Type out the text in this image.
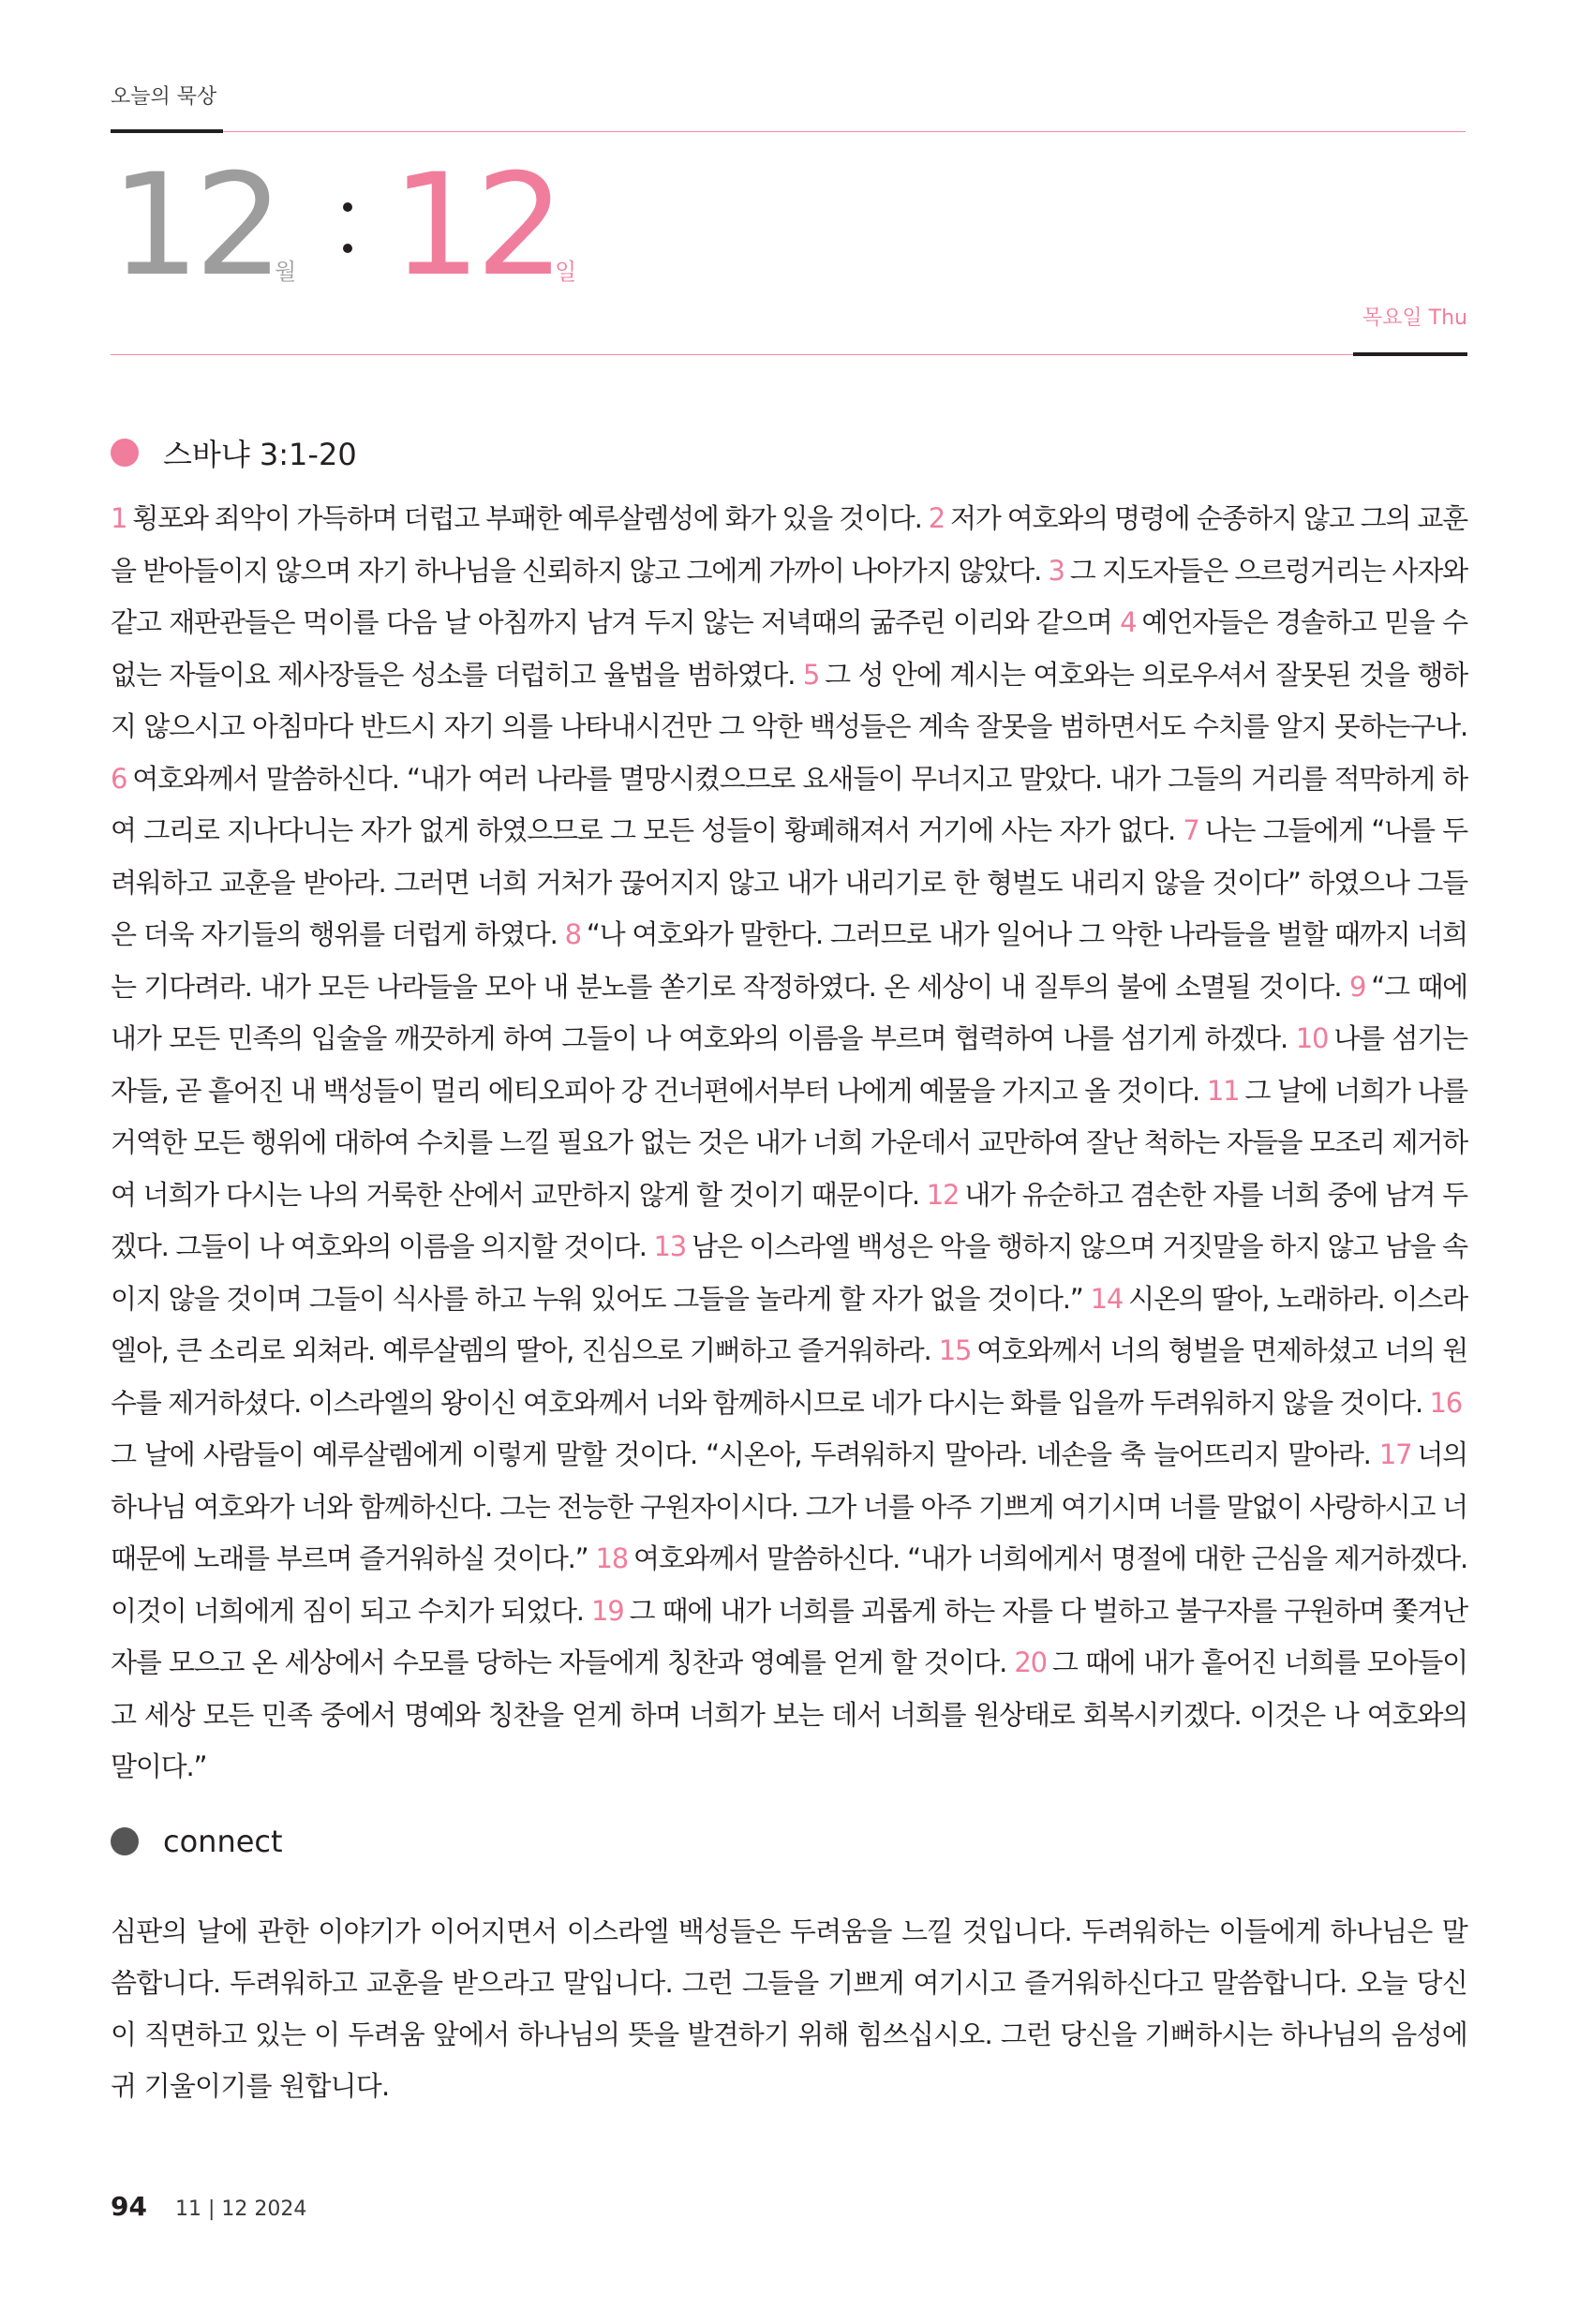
오늘의 묵상
12
월 12
일
목요일 Thu
스바냐 3:1-20
1 횡포와 죄악이 가득하며 더럽고 부패한 예루살렘성에 화가 있을 것이다. 2 저가 여호와의 명령에 순종하지 않고 그의 교훈을 받아들이지 않으며 자기 하나님을 신뢰하지 않고 그에게 가까이 나아가지 않았다. 3 그 지도자들은 으르렁거리는 사자와 같고 재판관들은 먹이를 다음 날 아침까지 남겨 두지 않는 저녁때의 굶주린 이리와 같으며 4 예언자들은 경솔하고 믿을 수 없는 자들이요 제사장들은 성소를 더럽히고 율법을 범하였다. 5 그 성 안에 계시는 여호와는 의로우셔서 잘못된 것을 행하지 않으시고 아침마다 반드시 자기 의를 나타내시건만 그 악한 백성들은 계속 잘못을 범하면서도 수치를 알지 못하는구나. 6 여호와께서 말씀하신다. “내가 여러 나라를 멸망시켰으므로 요새들이 무너지고 말았다. 내가 그들의 거리를 적막하게 하여 그리로 지나다니는 자가 없게 하였으므로 그 모든 성들이 황폐해져서 거기에 사는 자가 없다. 7 나는 그들에게 “나를 두려워하고 교훈을 받아라. 그러면 너희 거처가 끊어지지 않고 내가 내리기로 한 형벌도 내리지 않을 것이다” 하였으나 그들은 더욱 자기들의 행위를 더럽게 하였다. 8 “나 여호와가 말한다. 그러므로 내가 일어나 그 악한 나라들을 벌할 때까지 너희는 기다려라. 내가 모든 나라들을 모아 내 분노를 쏟기로 작정하였다. 온 세상이 내 질투의 불에 소멸될 것이다. 9 “그 때에 내가 모든 민족의 입술을 깨끗하게 하여 그들이 나 여호와의 이름을 부르며 협력하여 나를 섬기게 하겠다. 10 나를 섬기는 자들, 곧 흩어진 내 백성들이 멀리 에티오피아 강 건너편에서부터 나에게 예물을 가지고 올 것이다. 11 그 날에 너희가 나를 거역한 모든 행위에 대하여 수치를 느낄 필요가 없는 것은 내가 너희 가운데서 교만하여 잘난 척하는 자들을 모조리 제거하여 너희가 다시는 나의 거룩한 산에서 교만하지 않게 할 것이기 때문이다. 12 내가 유순하고 겸손한 자를 너희 중에 남겨 두겠다. 그들이 나 여호와의 이름을 의지할 것이다. 13 남은 이스라엘 백성은 악을 행하지 않으며 거짓말을 하지 않고 남을 속이지 않을 것이며 그들이 식사를 하고 누워 있어도 그들을 놀라게 할 자가 없을 것이다.” 14 시온의 딸아, 노래하라. 이스라엘아, 큰 소리로 외쳐라. 예루살렘의 딸아, 진심으로 기뻐하고 즐거워하라. 15 여호와께서 너의 형벌을 면제하셨고 너의 원수를 제거하셨다. 이스라엘의 왕이신 여호와께서 너와 함께하시므로 네가 다시는 화를 입을까 두려워하지 않을 것이다. 16그 날에 사람들이 예루살렘에게 이렇게 말할 것이다. “시온아, 두려워하지 말아라. 네손을 축 늘어뜨리지 말아라. 17 너의 하나님 여호와가 너와 함께하신다. 그는 전능한 구원자이시다. 그가 너를 아주 기쁘게 여기시며 너를 말없이 사랑하시고 너 때문에 노래를 부르며 즐거워하실 것이다.” 18 여호와께서 말씀하신다. “내가 너희에게서 명절에 대한 근심을 제거하겠다. 이것이 너희에게 짐이 되고 수치가 되었다. 19 그 때에 내가 너희를 괴롭게 하는 자를 다 벌하고 불구자를 구원하며 쫓겨난 자를 모으고 온 세상에서 수모를 당하는 자들에게 칭찬과 영예를 얻게 할 것이다. 20 그 때에 내가 흩어진 너희를 모아들이고 세상 모든 민족 중에서 명예와 칭찬을 얻게 하며 너희가 보는 데서 너희를 원상태로 회복시키겠다. 이것은 나 여호와의 말이다.”
connect
심판의 날에 관한 이야기가 이어지면서 이스라엘 백성들은 두려움을 느낄 것입니다. 두려워하는 이들에게 하나님은 말씀합니다. 두려워하고 교훈을 받으라고 말입니다. 그런 그들을 기쁘게 여기시고 즐거워하신다고 말씀합니다. 오늘 당신이 직면하고 있는 이 두려움 앞에서 하나님의 뜻을 발견하기 위해 힘쓰십시오. 그런 당신을 기뻐하시는 하나님의 음성에 귀 기울이기를 원합니다.
94 11 | 12 2024
